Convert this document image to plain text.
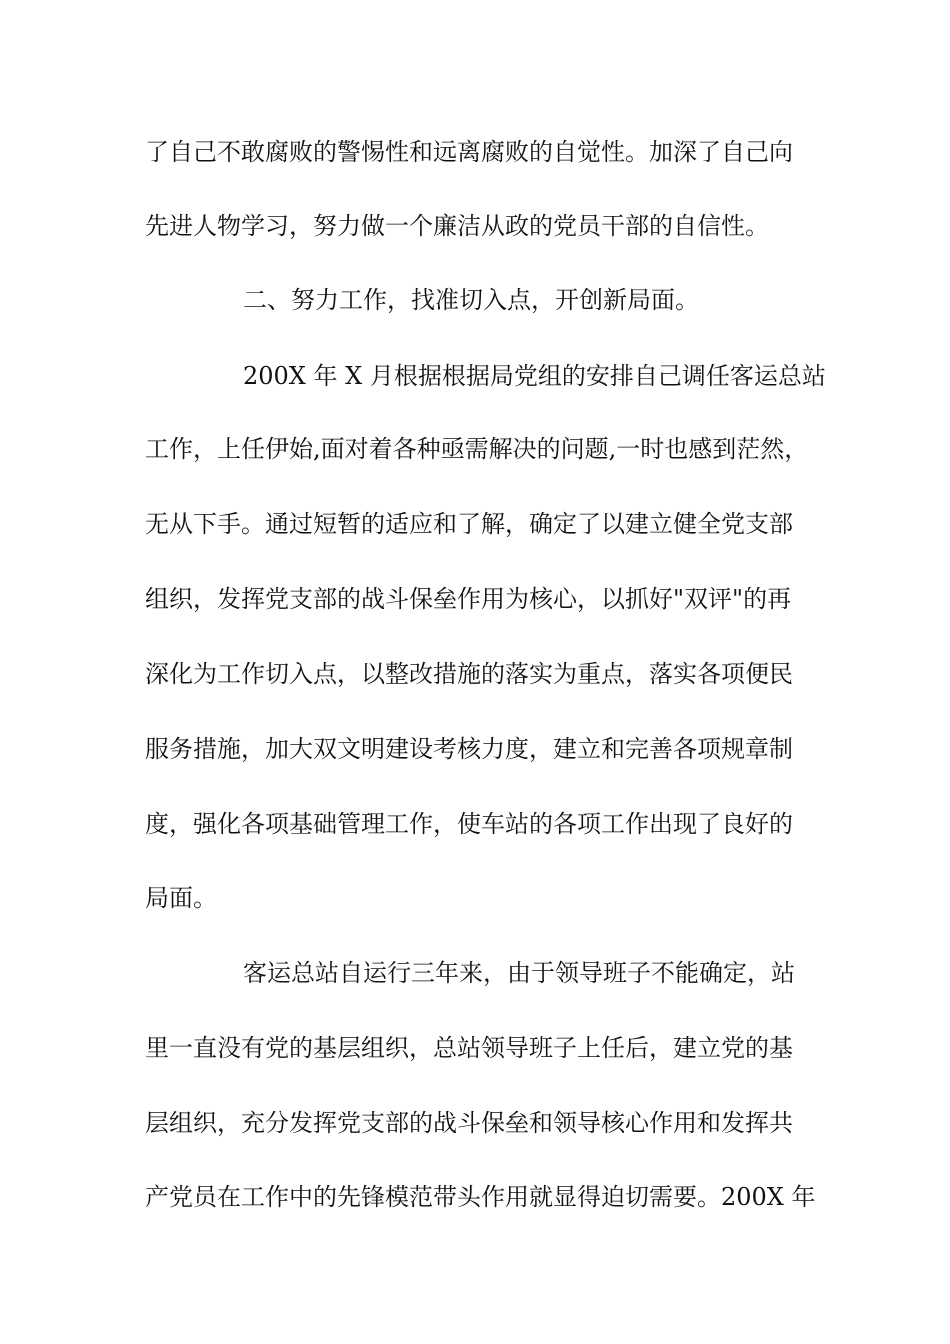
了自己不敢腐败的警惕性和远离腐败的自觉性。加深了自己向
先进人物学习，努力做一个廉洁从政的党员干部的自信性。
二、努力工作，找准切入点，开创新局面。
200X 年 X 月根据根据局党组的安排自己调任客运总站
工作，上任伊始,面对着各种亟需解决的问题,一时也感到茫然，
无从下手。通过短暂的适应和了解，确定了以建立健全党支部
组织，发挥党支部的战斗保垒作用为核心，以抓好"双评"的再
深化为工作切入点，以整改措施的落实为重点，落实各项便民
服务措施，加大双文明建设考核力度，建立和完善各项规章制
度，强化各项基础管理工作，使车站的各项工作出现了良好的
局面。
客运总站自运行三年来，由于领导班子不能确定，站
里一直没有党的基层组织，总站领导班子上任后，建立党的基
层组织，充分发挥党支部的战斗保垒和领导核心作用和发挥共
产党员在工作中的先锋模范带头作用就显得迫切需要。200X 年
